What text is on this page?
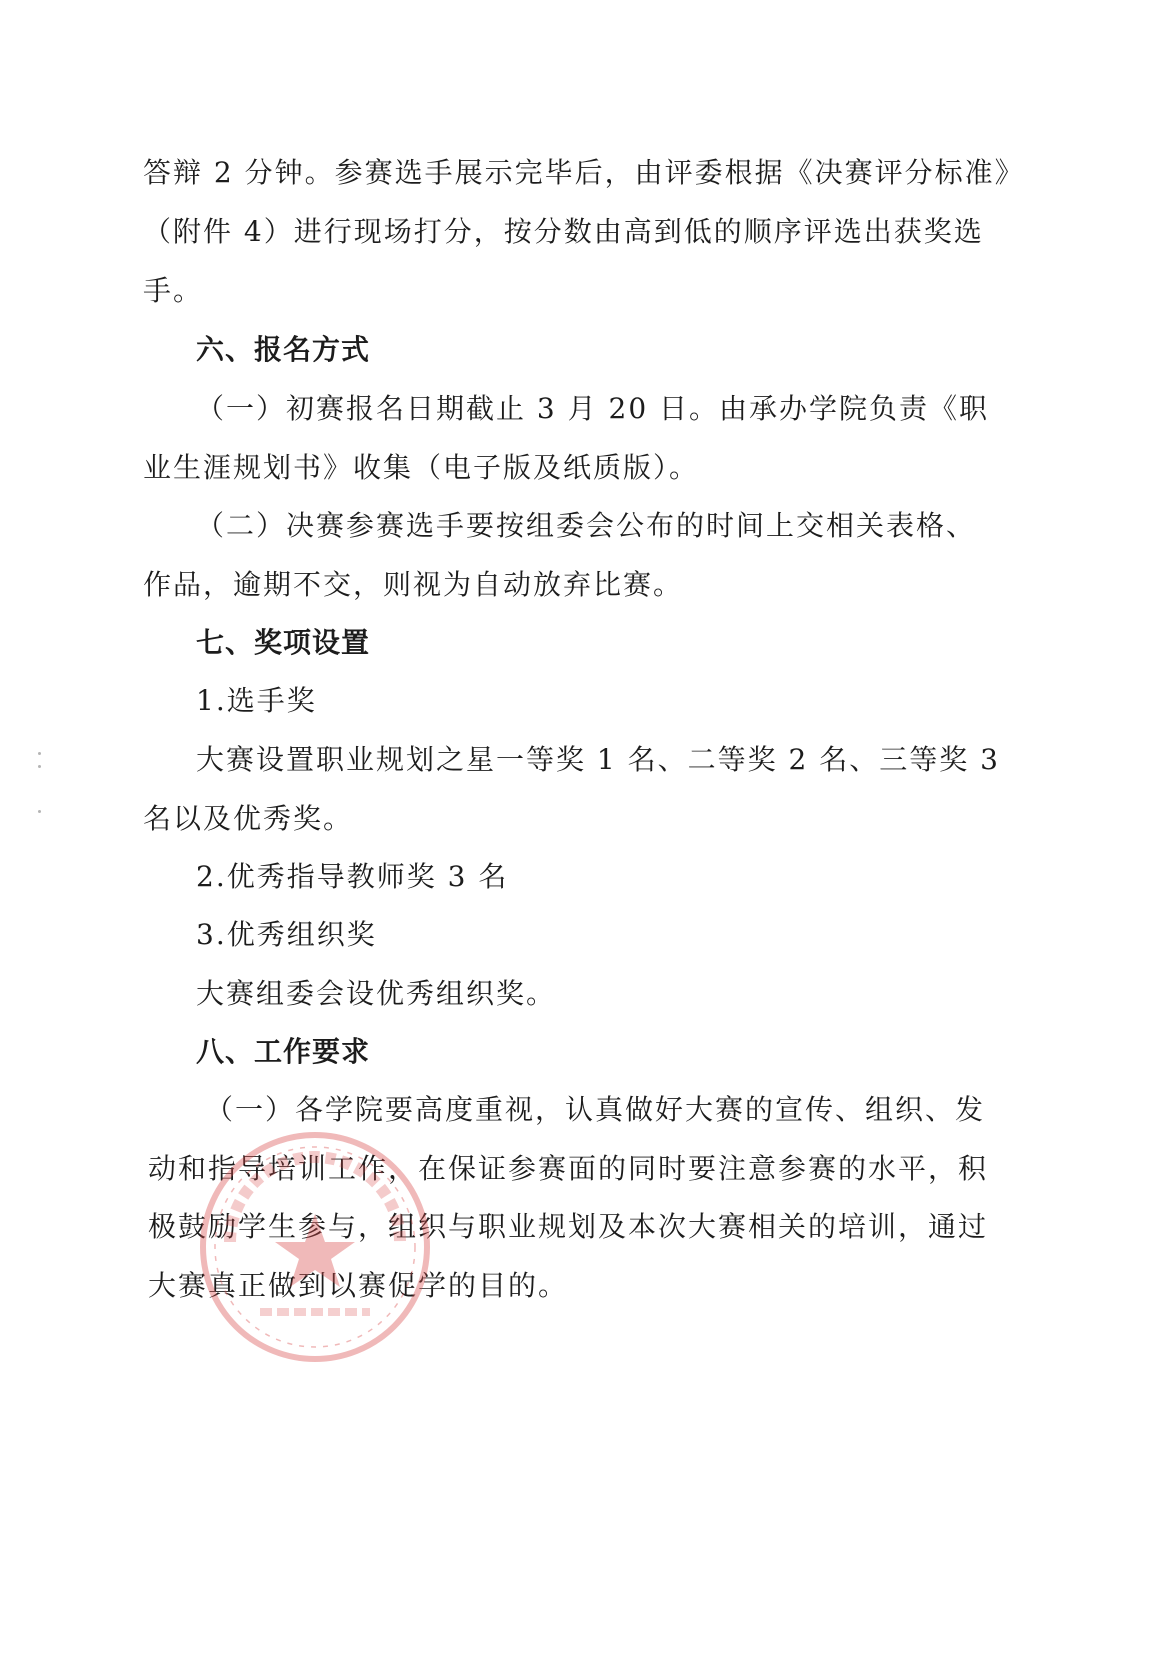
答辩 2 分钟。参赛选手展示完毕后，由评委根据《决赛评分标准》
（附件 4）进行现场打分，按分数由高到低的顺序评选出获奖选
手。
六、报名方式
（一）初赛报名日期截止 3 月 20 日。由承办学院负责《职
业生涯规划书》收集（电子版及纸质版）。
（二）决赛参赛选手要按组委会公布的时间上交相关表格、
作品，逾期不交，则视为自动放弃比赛。
七、奖项设置
1.选手奖
大赛设置职业规划之星一等奖 1 名、二等奖 2 名、三等奖 3
名以及优秀奖。
2.优秀指导教师奖 3 名
3.优秀组织奖
大赛组委会设优秀组织奖。
八、工作要求
（一）各学院要高度重视，认真做好大赛的宣传、组织、发
动和指导培训工作，在保证参赛面的同时要注意参赛的水平，积
极鼓励学生参与，组织与职业规划及本次大赛相关的培训，通过
大赛真正做到以赛促学的目的。
